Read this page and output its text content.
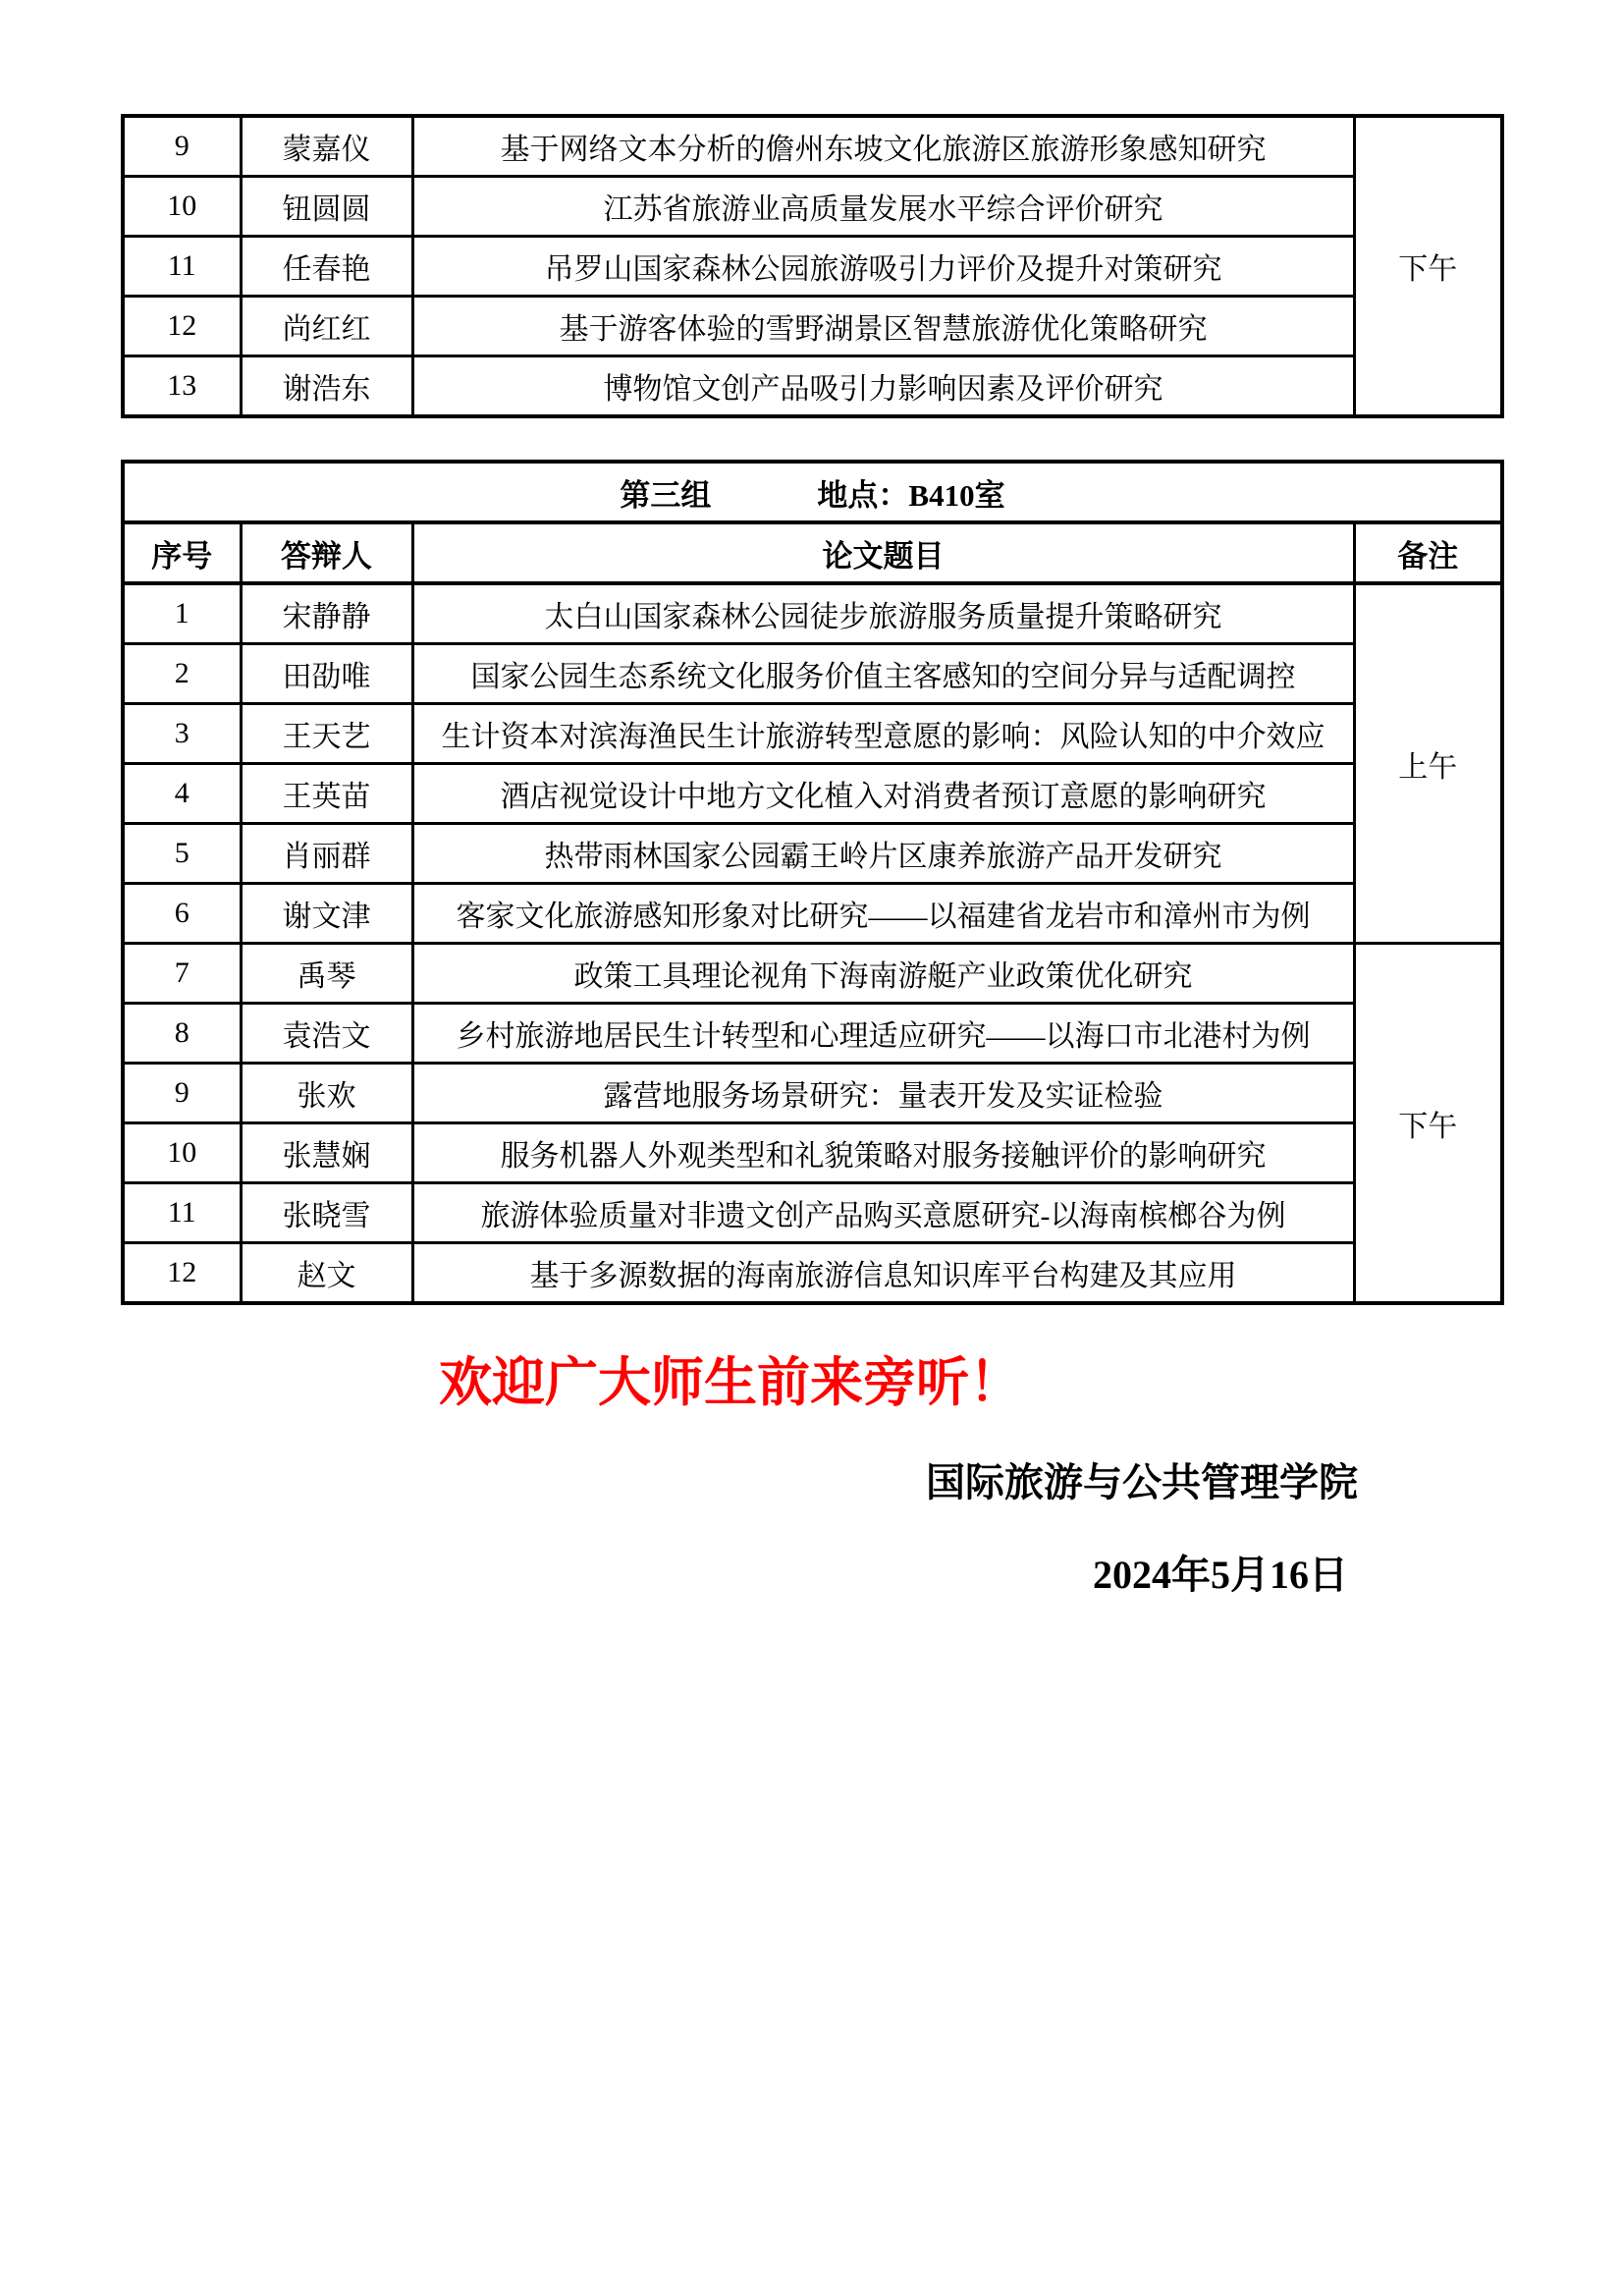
9	蒙嘉仪	基于网络文本分析的儋州东坡文化旅游区旅游形象感知研究	下午
10	钮圆圆	江苏省旅游业高质量发展水平综合评价研究	
11	任春艳	吊罗山国家森林公园旅游吸引力评价及提升对策研究	
12	尚红红	基于游客体验的雪野湖景区智慧旅游优化策略研究	
13	谢浩东	博物馆文创产品吸引力影响因素及评价研究	
第三组 地点：B410室			
序号	答辩人	论文题目	备注
1	宋静静	太白山国家森林公园徒步旅游服务质量提升策略研究	上午
2	田劭唯	国家公园生态系统文化服务价值主客感知的空间分异与适配调控	
3	王天艺	生计资本对滨海渔民生计旅游转型意愿的影响：风险认知的中介效应	
4	王英苗	酒店视觉设计中地方文化植入对消费者预订意愿的影响研究	
5	肖丽群	热带雨林国家公园霸王岭片区康养旅游产品开发研究	
6	谢文津	客家文化旅游感知形象对比研究——以福建省龙岩市和漳州市为例	
7	禹琴	政策工具理论视角下海南游艇产业政策优化研究	下午
8	袁浩文	乡村旅游地居民生计转型和心理适应研究——以海口市北港村为例	
9	张欢	露营地服务场景研究：量表开发及实证检验	
10	张慧娴	服务机器人外观类型和礼貌策略对服务接触评价的影响研究	
11	张晓雪	旅游体验质量对非遗文创产品购买意愿研究-以海南槟榔谷为例	
12	赵文	基于多源数据的海南旅游信息知识库平台构建及其应用	
欢迎广大师生前来旁听！
国际旅游与公共管理学院
2024年5月16日
